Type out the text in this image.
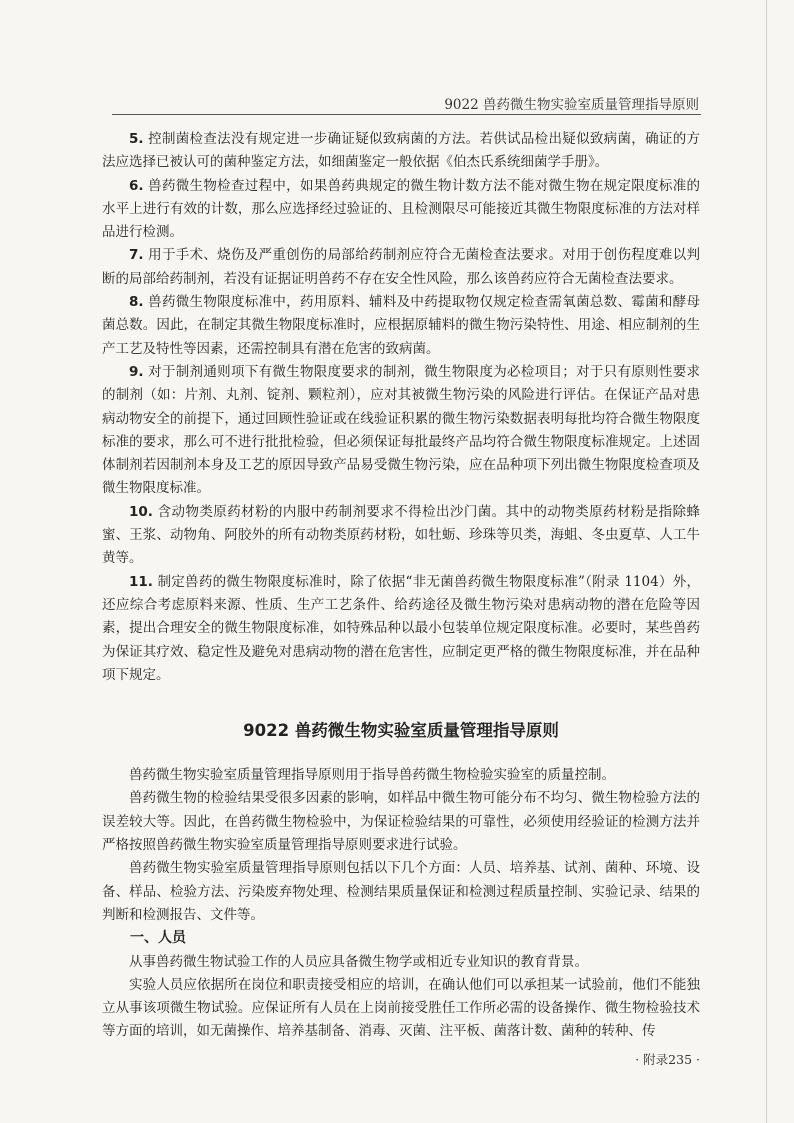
9022 兽药微生物实验室质量管理指导原则

5. 控制菌检查法没有规定进一步确证疑似致病菌的方法。若供试品检出疑似致病菌，确证的方法应选择已被认可的菌种鉴定方法，如细菌鉴定一般依据《伯杰氏系统细菌学手册》。

6. 兽药微生物检查过程中，如果兽药典规定的微生物计数方法不能对微生物在规定限度标准的水平上进行有效的计数，那么应选择经过验证的、且检测限尽可能接近其微生物限度标准的方法对样品进行检测。

7. 用于手术、烧伤及严重创伤的局部给药制剂应符合无菌检查法要求。对用于创伤程度难以判断的局部给药制剂，若没有证据证明兽药不存在安全性风险，那么该兽药应符合无菌检查法要求。

8. 兽药微生物限度标准中，药用原料、辅料及中药提取物仅规定检查需氧菌总数、霉菌和酵母菌总数。因此，在制定其微生物限度标准时，应根据原辅料的微生物污染特性、用途、相应制剂的生产工艺及特性等因素，还需控制具有潜在危害的致病菌。

9. 对于制剂通则项下有微生物限度要求的制剂，微生物限度为必检项目；对于只有原则性要求的制剂（如：片剂、丸剂、锭剂、颗粒剂），应对其被微生物污染的风险进行评估。在保证产品对患病动物安全的前提下，通过回顾性验证或在线验证积累的微生物污染数据表明每批均符合微生物限度标准的要求，那么可不进行批批检验，但必须保证每批最终产品均符合微生物限度标准规定。上述固体制剂若因制剂本身及工艺的原因导致产品易受微生物污染，应在品种项下列出微生物限度检查项及微生物限度标准。

10. 含动物类原药材粉的内服中药制剂要求不得检出沙门菌。其中的动物类原药材粉是指除蜂蜜、王浆、动物角、阿胶外的所有动物类原药材粉，如牡蛎、珍珠等贝类，海蛆、冬虫夏草、人工牛黄等。

11. 制定兽药的微生物限度标准时，除了依据“非无菌兽药微生物限度标准”（附录 1104）外，还应综合考虑原料来源、性质、生产工艺条件、给药途径及微生物污染对患病动物的潜在危险等因素，提出合理安全的微生物限度标准，如特殊品种以最小包装单位规定限度标准。必要时，某些兽药为保证其疗效、稳定性及避免对患病动物的潜在危害性，应制定更严格的微生物限度标准，并在品种项下规定。

9022 兽药微生物实验室质量管理指导原则

兽药微生物实验室质量管理指导原则用于指导兽药微生物检验实验室的质量控制。

兽药微生物的检验结果受很多因素的影响，如样品中微生物可能分布不均匀、微生物检验方法的误差较大等。因此，在兽药微生物检验中，为保证检验结果的可靠性，必须使用经验证的检测方法并严格按照兽药微生物实验室质量管理指导原则要求进行试验。

兽药微生物实验室质量管理指导原则包括以下几个方面：人员、培养基、试剂、菌种、环境、设备、样品、检验方法、污染废弃物处理、检测结果质量保证和检测过程质量控制、实验记录、结果的判断和检测报告、文件等。

一、人员

从事兽药微生物试验工作的人员应具备微生物学或相近专业知识的教育背景。

实验人员应依据所在岗位和职责接受相应的培训，在确认他们可以承担某一试验前，他们不能独立从事该项微生物试验。应保证所有人员在上岗前接受胜任工作所必需的设备操作、微生物检验技术等方面的培训，如无菌操作、培养基制备、消毒、灭菌、注平板、菌落计数、菌种的转种、传

· 附录235 ·
